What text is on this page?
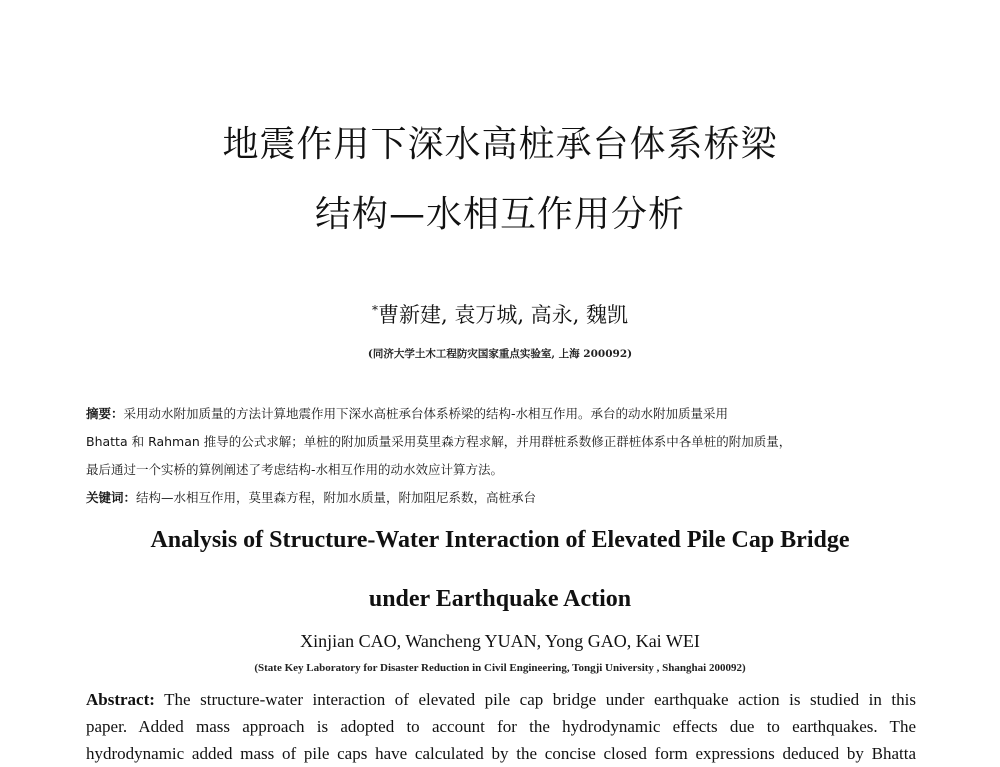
地震作用下深水高桩承台体系桥梁
结构—水相互作用分析
*曹新建, 袁万城, 高永, 魏凯
(同济大学土木工程防灾国家重点实验室, 上海 200092)
摘要：采用动水附加质量的方法计算地震作用下深水高桩承台体系桥梁的结构-水相互作用。承台的动水附加质量采用
Bhatta 和 Rahman 推导的公式求解；单桩的附加质量采用莫里森方程求解，并用群桩系数修正群桩体系中各单桩的附加质量，
最后通过一个实桥的算例阐述了考虑结构-水相互作用的动水效应计算方法。
关键词：结构—水相互作用，莫里森方程，附加水质量，附加阻尼系数，高桩承台
Analysis of Structure-Water Interaction of Elevated Pile Cap Bridge
under Earthquake Action
Xinjian CAO, Wancheng YUAN, Yong GAO, Kai WEI
(State Key Laboratory for Disaster Reduction in Civil Engineering, Tongji University , Shanghai 200092)
Abstract: The structure-water interaction of elevated pile cap bridge under earthquake action is studied in this
paper. Added mass approach is adopted to account for the hydrodynamic effects due to earthquakes. The
hydrodynamic added mass of pile caps have calculated by the concise closed form expressions deduced by Bhatta
